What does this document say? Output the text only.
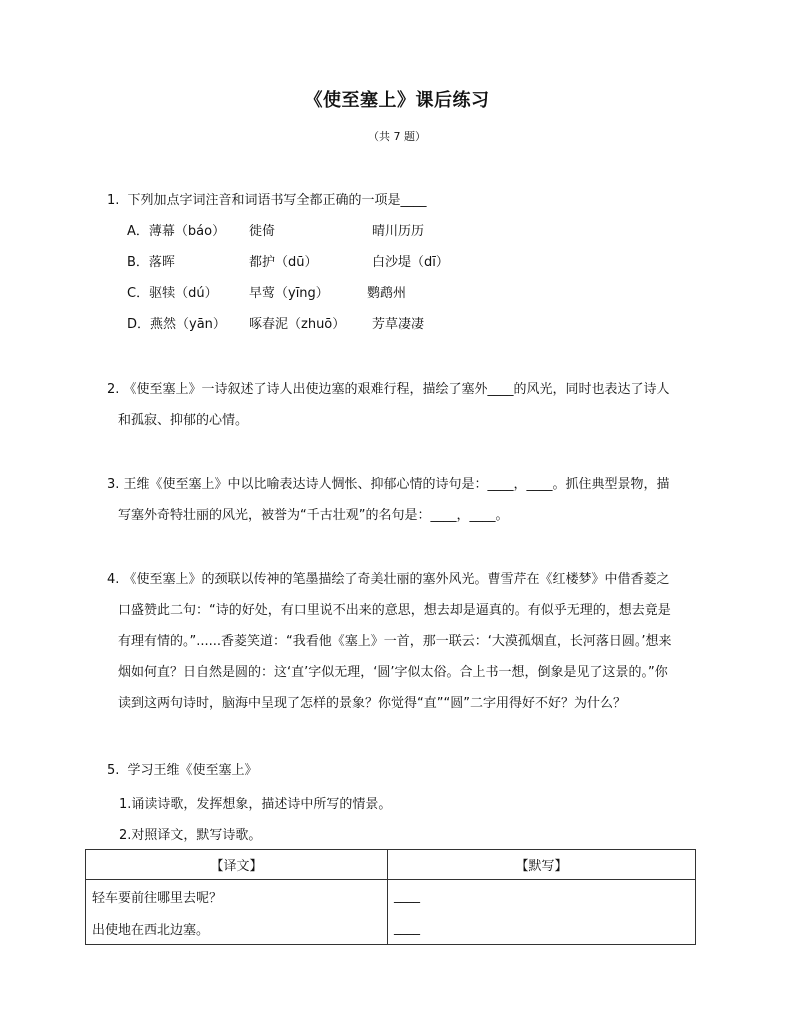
《使至塞上》课后练习
（共 7 题）
1. 下列加点字词注音和词语书写全都正确的一项是____
A．薄幕（báo） 徙倚	晴川历历
B．落晖	都护（dū）	白沙堤（dī）
C．驱犊（dú） 早莺（yīng）	鹦鹉州
D．燕然（yān） 啄春泥（zhuō） 芳草凄凄
2. 《使至塞上》一诗叙述了诗人出使边塞的艰难行程，描绘了塞外____的风光，同时也表达了诗人
和孤寂、抑郁的心情。
3. 王维《使至塞上》中以比喻表达诗人惆怅、抑郁心情的诗句是：____，____。抓住典型景物，描
写塞外奇特壮丽的风光，被誉为“千古壮观”的名句是：____，____。
4. 《使至塞上》的颈联以传神的笔墨描绘了奇美壮丽的塞外风光。曹雪芹在《红楼梦》中借香菱之
口盛赞此二句：“诗的好处，有口里说不出来的意思，想去却是逼真的。有似乎无理的，想去竟是
有理有情的。”......香菱笑道：“我看他《塞上》一首，那一联云：‘大漠孤烟直，长河落日圆。’想来
烟如何直？日自然是圆的：这‘直’字似无理，‘圆’字似太俗。合上书一想，倒象是见了这景的。”你
读到这两句诗时，脑海中呈现了怎样的景象？你觉得“直”“圆”二字用得好不好？为什么？
5. 学习王维《使至塞上》
1.诵读诗歌，发挥想象，描述诗中所写的情景。
2.对照译文，默写诗歌。
【译文】	【默写】
轻车要前往哪里去呢？	____
出使地在西北边塞。	____
